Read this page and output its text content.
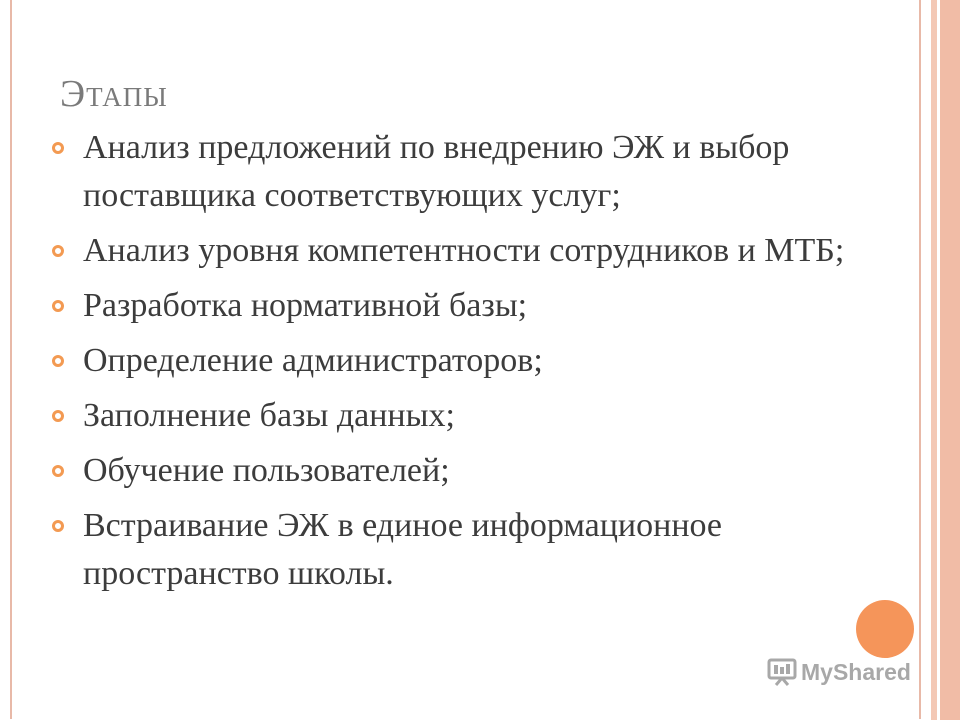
Этапы
Анализ предложений по внедрению ЭЖ и выбор поставщика соответствующих услуг;
Анализ уровня компетентности сотрудников и МТБ;
Разработка нормативной базы;
Определение администраторов;
Заполнение базы данных;
Обучение пользователей;
Встраивание ЭЖ в единое информационное пространство школы.
MyShared
